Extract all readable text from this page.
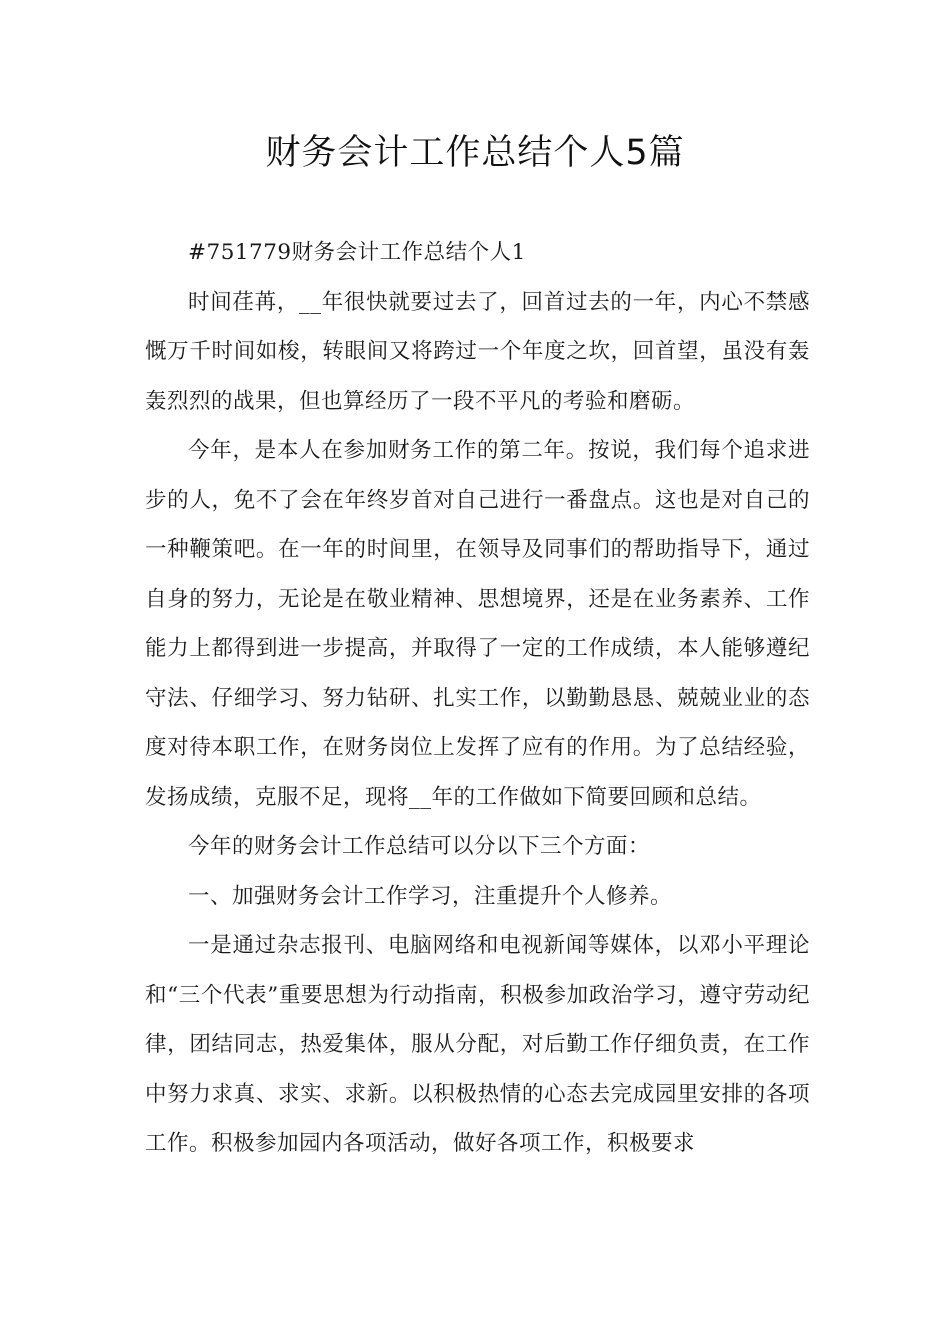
财务会计工作总结个人5篇

#751779财务会计工作总结个人1

时间荏苒，__年很快就要过去了，回首过去的一年，内心不禁感慨万千时间如梭，转眼间又将跨过一个年度之坎，回首望，虽没有轰轰烈烈的战果，但也算经历了一段不平凡的考验和磨砺。

今年，是本人在参加财务工作的第二年。按说，我们每个追求进步的人，免不了会在年终岁首对自己进行一番盘点。这也是对自己的一种鞭策吧。在一年的时间里，在领导及同事们的帮助指导下，通过自身的努力，无论是在敬业精神、思想境界，还是在业务素养、工作能力上都得到进一步提高，并取得了一定的工作成绩，本人能够遵纪守法、仔细学习、努力钻研、扎实工作，以勤勤恳恳、兢兢业业的态度对待本职工作，在财务岗位上发挥了应有的作用。为了总结经验，发扬成绩，克服不足，现将__年的工作做如下简要回顾和总结。

今年的财务会计工作总结可以分以下三个方面：

一、加强财务会计工作学习，注重提升个人修养。

一是通过杂志报刊、电脑网络和电视新闻等媒体，以邓小平理论和“三个代表”重要思想为行动指南，积极参加政治学习，遵守劳动纪律，团结同志，热爱集体，服从分配，对后勤工作仔细负责，在工作中努力求真、求实、求新。以积极热情的心态去完成园里安排的各项工作。积极参加园内各项活动，做好各项工作，积极要求
